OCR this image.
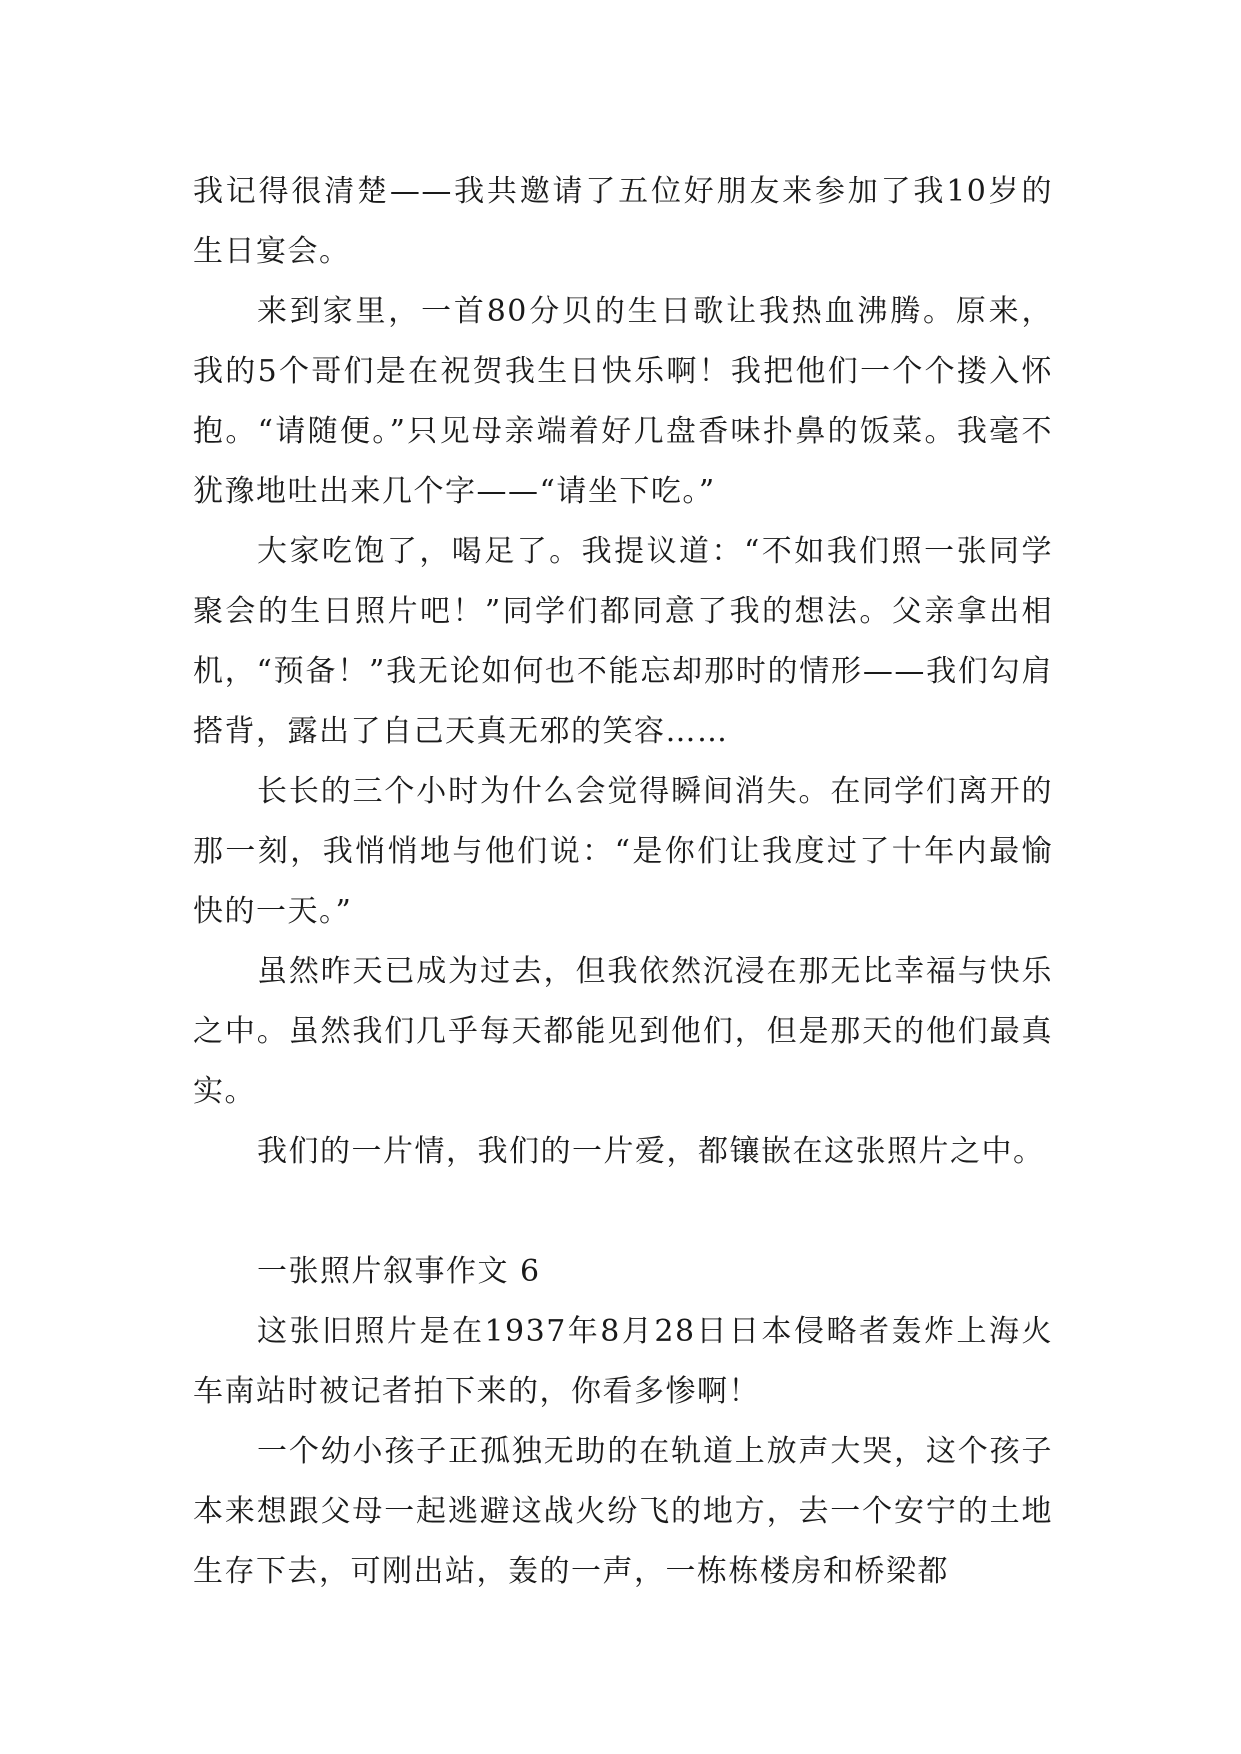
我记得很清楚——我共邀请了五位好朋友来参加了我10岁的生日宴会。

来到家里，一首80分贝的生日歌让我热血沸腾。原来，我的5个哥们是在祝贺我生日快乐啊！我把他们一个个搂入怀抱。“请随便。”只见母亲端着好几盘香味扑鼻的饭菜。我毫不犹豫地吐出来几个字——“请坐下吃。”

大家吃饱了，喝足了。我提议道：“不如我们照一张同学聚会的生日照片吧！”同学们都同意了我的想法。父亲拿出相机，“预备！”我无论如何也不能忘却那时的情形——我们勾肩搭背，露出了自己天真无邪的笑容……

长长的三个小时为什么会觉得瞬间消失。在同学们离开的那一刻，我悄悄地与他们说：“是你们让我度过了十年内最愉快的一天。”

虽然昨天已成为过去，但我依然沉浸在那无比幸福与快乐之中。虽然我们几乎每天都能见到他们，但是那天的他们最真实。

我们的一片情，我们的一片爱，都镶嵌在这张照片之中。

一张照片叙事作文 6

这张旧照片是在1937年8月28日日本侵略者轰炸上海火车南站时被记者拍下来的，你看多惨啊！

一个幼小孩子正孤独无助的在轨道上放声大哭，这个孩子本来想跟父母一起逃避这战火纷飞的地方，去一个安宁的土地生存下去，可刚出站，轰的一声，一栋栋楼房和桥梁都
